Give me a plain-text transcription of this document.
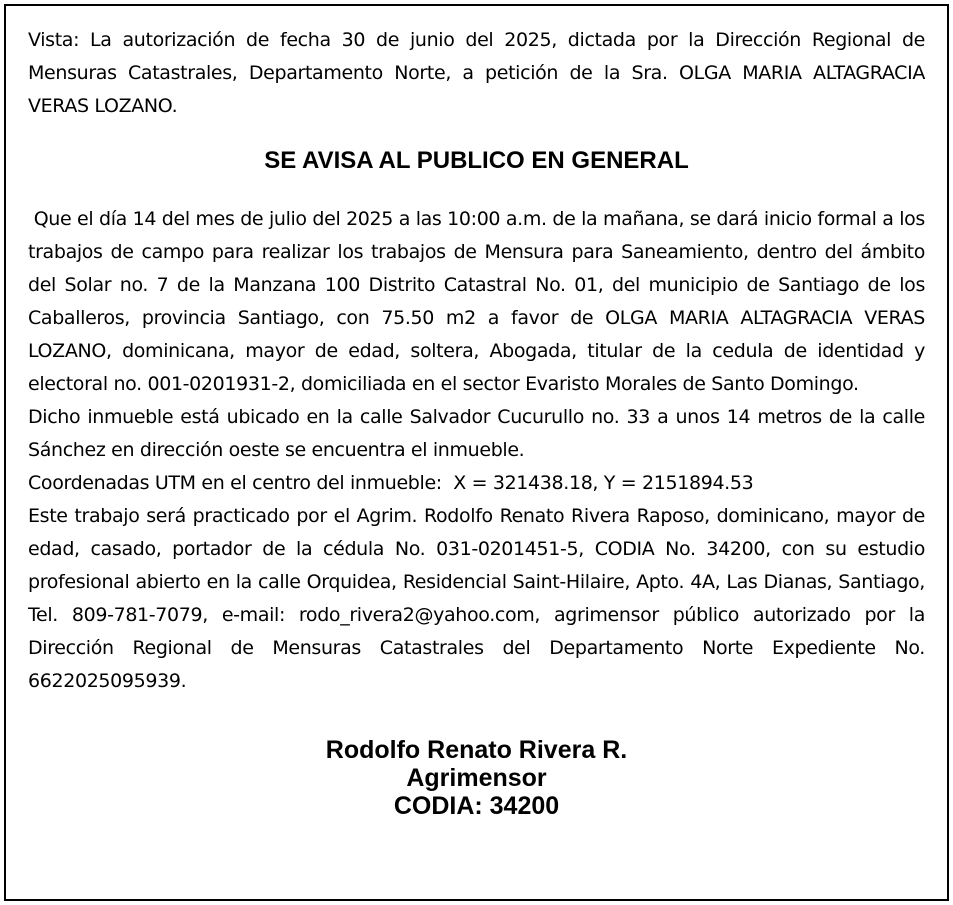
Vista: La autorización de fecha 30 de junio del 2025, dictada por la Dirección Regional de Mensuras Catastrales, Departamento Norte, a petición de la Sra. OLGA MARIA ALTAGRACIA VERAS LOZANO.

SE AVISA AL PUBLICO EN GENERAL

Que el día 14 del mes de julio del 2025 a las 10:00 a.m. de la mañana, se dará inicio formal a los trabajos de campo para realizar los trabajos de Mensura para Saneamiento, dentro del ámbito del Solar no. 7 de la Manzana 100 Distrito Catastral No. 01, del municipio de Santiago de los Caballeros, provincia Santiago, con 75.50 m2 a favor de OLGA MARIA ALTAGRACIA VERAS LOZANO, dominicana, mayor de edad, soltera, Abogada, titular de la cedula de identidad y electoral no. 001-0201931-2, domiciliada en el sector Evaristo Morales de Santo Domingo.

Dicho inmueble está ubicado en la calle Salvador Cucurullo no. 33 a unos 14 metros de la calle Sánchez en dirección oeste se encuentra el inmueble.

Coordenadas UTM en el centro del inmueble:  X = 321438.18, Y = 2151894.53

Este trabajo será practicado por el Agrim. Rodolfo Renato Rivera Raposo, dominicano, mayor de edad, casado, portador de la cédula No. 031-0201451-5, CODIA No. 34200, con su estudio profesional abierto en la calle Orquidea, Residencial Saint-Hilaire, Apto. 4A, Las Dianas, Santiago, Tel. 809-781-7079, e-mail: rodo_rivera2@yahoo.com, agrimensor público autorizado por la Dirección Regional de Mensuras Catastrales del Departamento Norte Expediente No. 6622025095939.

Rodolfo Renato Rivera R.
Agrimensor
CODIA: 34200
